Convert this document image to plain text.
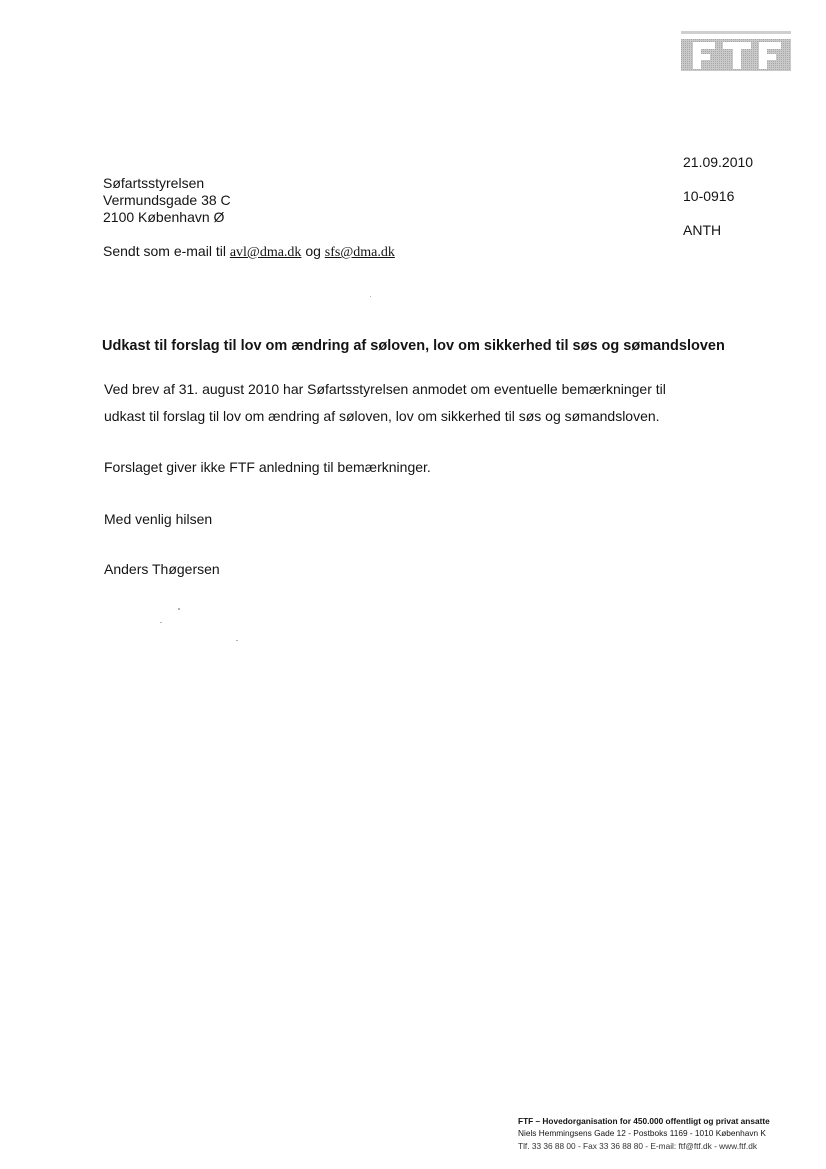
21.09.2010
10-0916
ANTH
Søfartsstyrelsen
Vermundsgade 38 C
2100 København Ø
Sendt som e-mail til avl@dma.dk og sfs@dma.dk
Udkast til forslag til lov om ændring af søloven, lov om sikkerhed til søs og sømandsloven
Ved brev af 31. august 2010 har Søfartsstyrelsen anmodet om eventuelle bemærkninger til
udkast til forslag til lov om ændring af søloven, lov om sikkerhed til søs og sømandsloven.
Forslaget giver ikke FTF anledning til bemærkninger.
Med venlig hilsen
Anders Thøgersen
FTF – Hovedorganisation for 450.000 offentligt og privat ansatte
Niels Hemmingsens Gade 12 - Postboks 1169 - 1010 København K
Tlf. 33 36 88 00 - Fax 33 36 88 80 - E-mail: ftf@ftf.dk - www.ftf.dk
